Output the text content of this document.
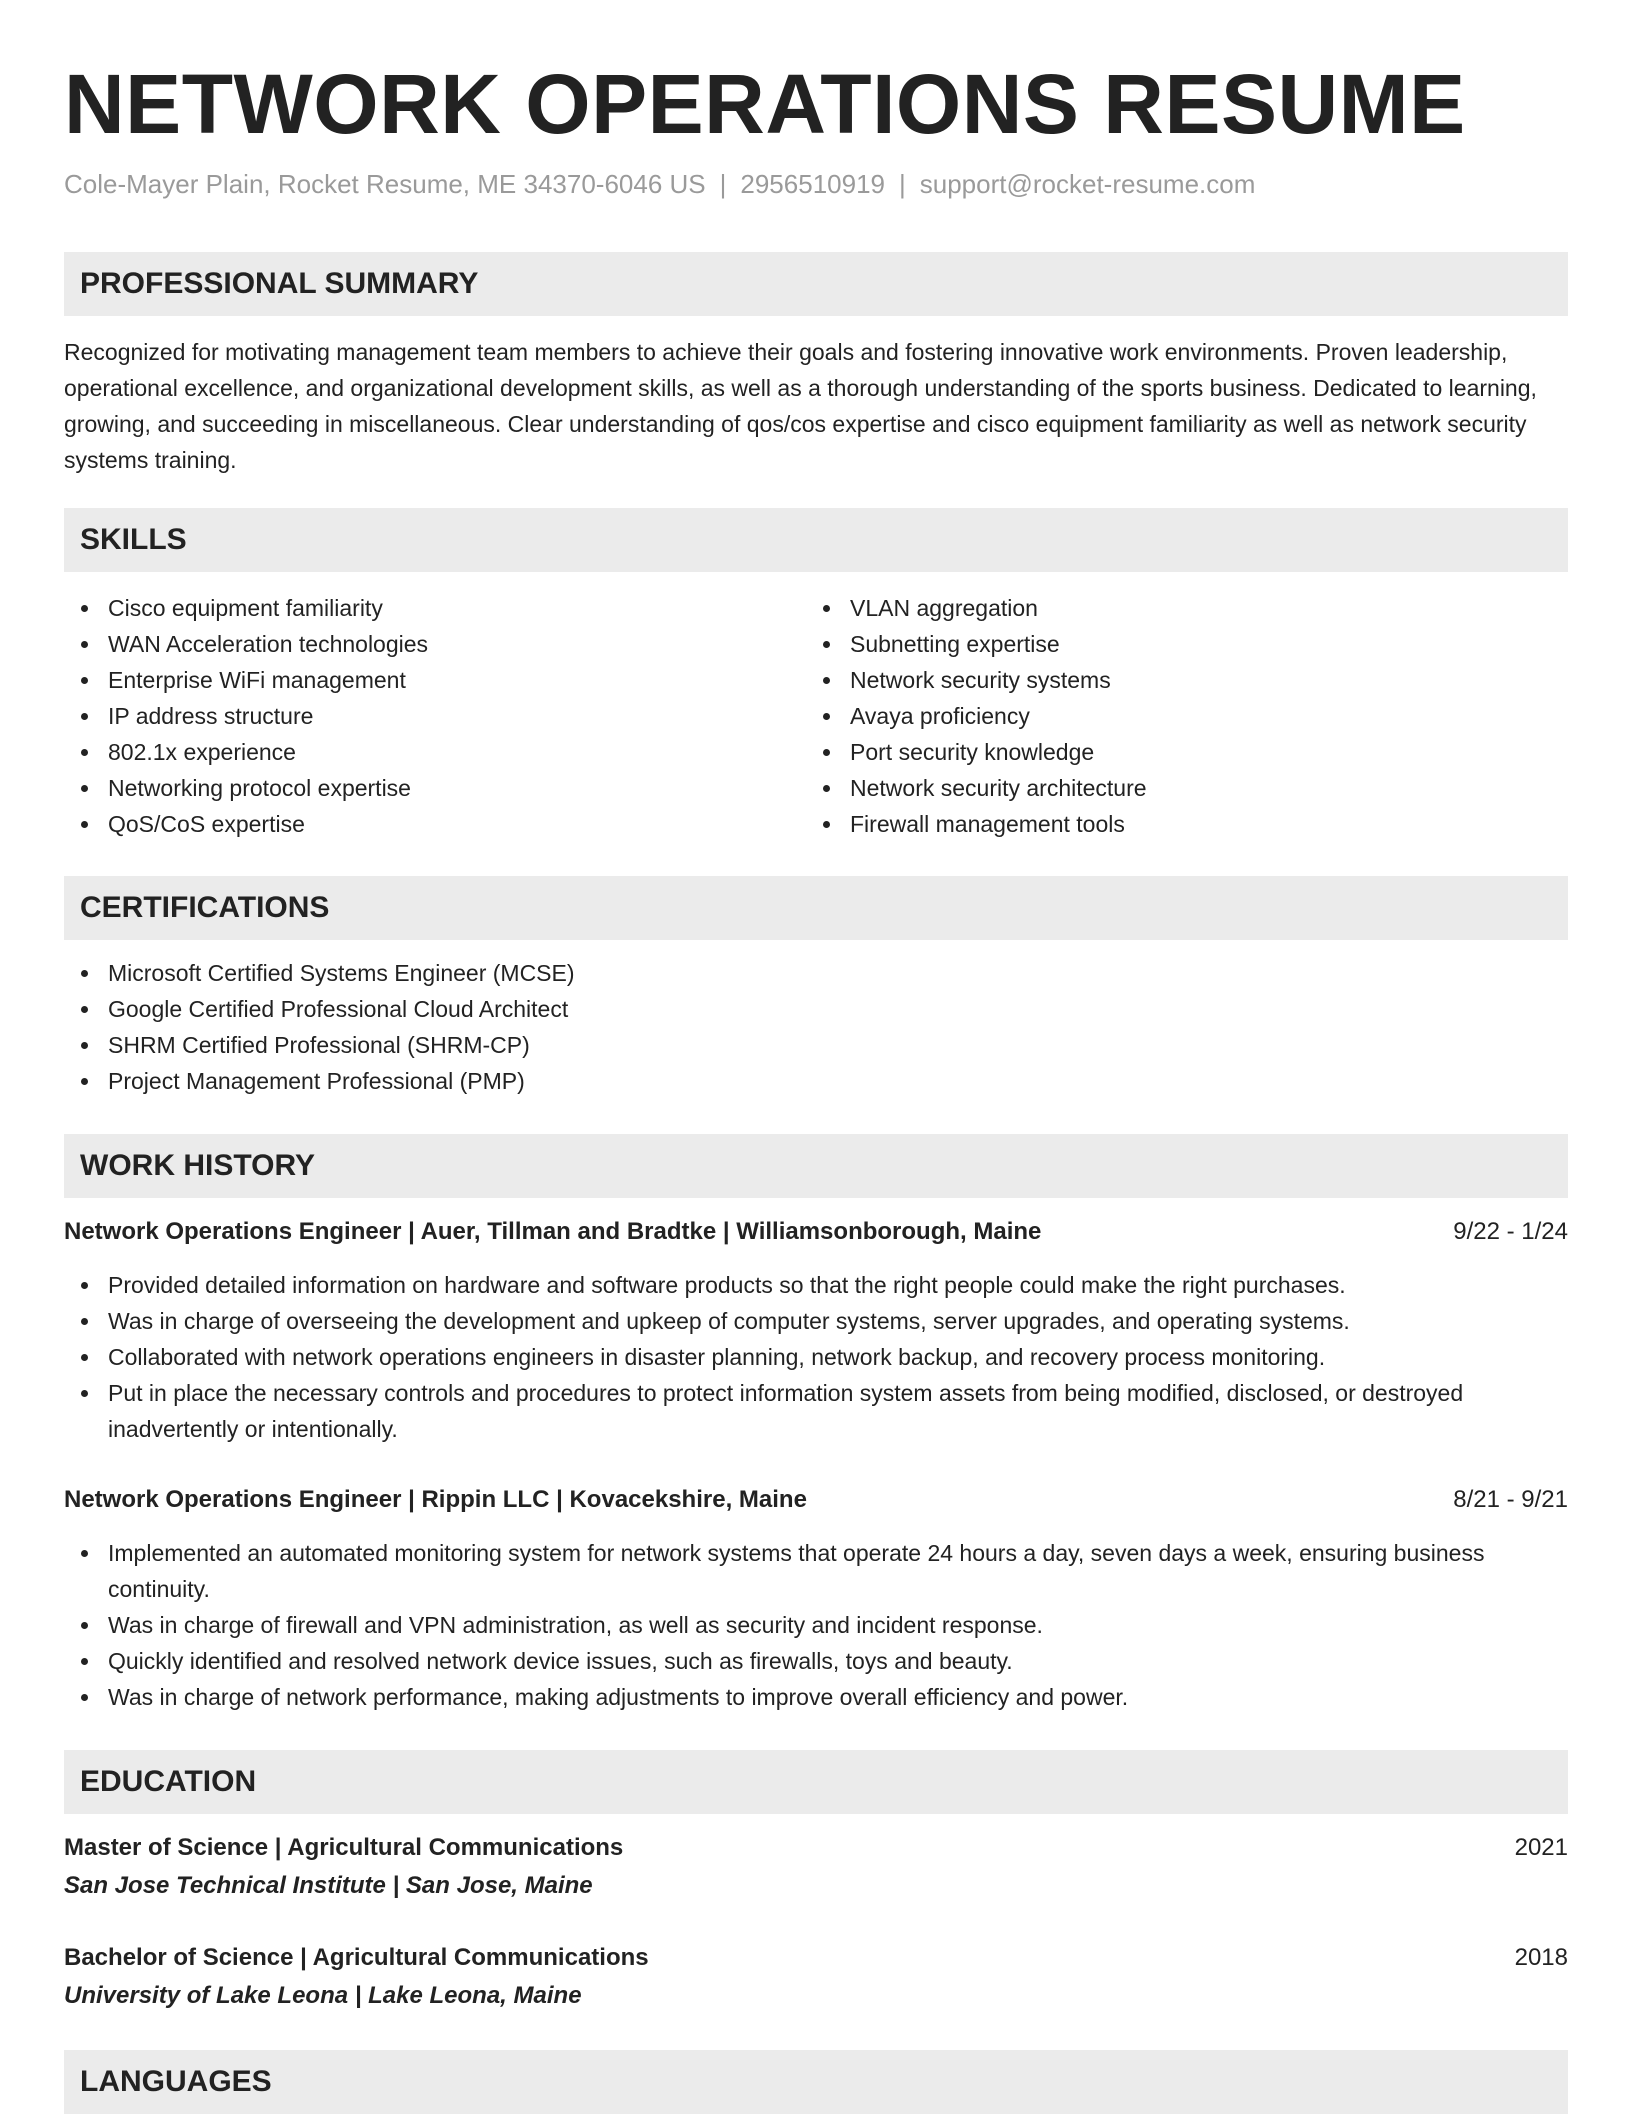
NETWORK OPERATIONS RESUME
Cole-Mayer Plain, Rocket Resume, ME 34370-6046 US | 2956510919 | support@rocket-resume.com
PROFESSIONAL SUMMARY
Recognized for motivating management team members to achieve their goals and fostering innovative work environments. Proven leadership, operational excellence, and organizational development skills, as well as a thorough understanding of the sports business. Dedicated to learning, growing, and succeeding in miscellaneous. Clear understanding of qos/cos expertise and cisco equipment familiarity as well as network security systems training.
SKILLS
Cisco equipment familiarity
WAN Acceleration technologies
Enterprise WiFi management
IP address structure
802.1x experience
Networking protocol expertise
QoS/CoS expertise
VLAN aggregation
Subnetting expertise
Network security systems
Avaya proficiency
Port security knowledge
Network security architecture
Firewall management tools
CERTIFICATIONS
Microsoft Certified Systems Engineer (MCSE)
Google Certified Professional Cloud Architect
SHRM Certified Professional (SHRM-CP)
Project Management Professional (PMP)
WORK HISTORY
Network Operations Engineer | Auer, Tillman and Bradtke | Williamsonborough, Maine	9/22 - 1/24
Provided detailed information on hardware and software products so that the right people could make the right purchases.
Was in charge of overseeing the development and upkeep of computer systems, server upgrades, and operating systems.
Collaborated with network operations engineers in disaster planning, network backup, and recovery process monitoring.
Put in place the necessary controls and procedures to protect information system assets from being modified, disclosed, or destroyed inadvertently or intentionally.
Network Operations Engineer | Rippin LLC | Kovacekshire, Maine	8/21 - 9/21
Implemented an automated monitoring system for network systems that operate 24 hours a day, seven days a week, ensuring business continuity.
Was in charge of firewall and VPN administration, as well as security and incident response.
Quickly identified and resolved network device issues, such as firewalls, toys and beauty.
Was in charge of network performance, making adjustments to improve overall efficiency and power.
EDUCATION
Master of Science | Agricultural Communications	2021
San Jose Technical Institute | San Jose, Maine
Bachelor of Science | Agricultural Communications	2018
University of Lake Leona | Lake Leona, Maine
LANGUAGES
